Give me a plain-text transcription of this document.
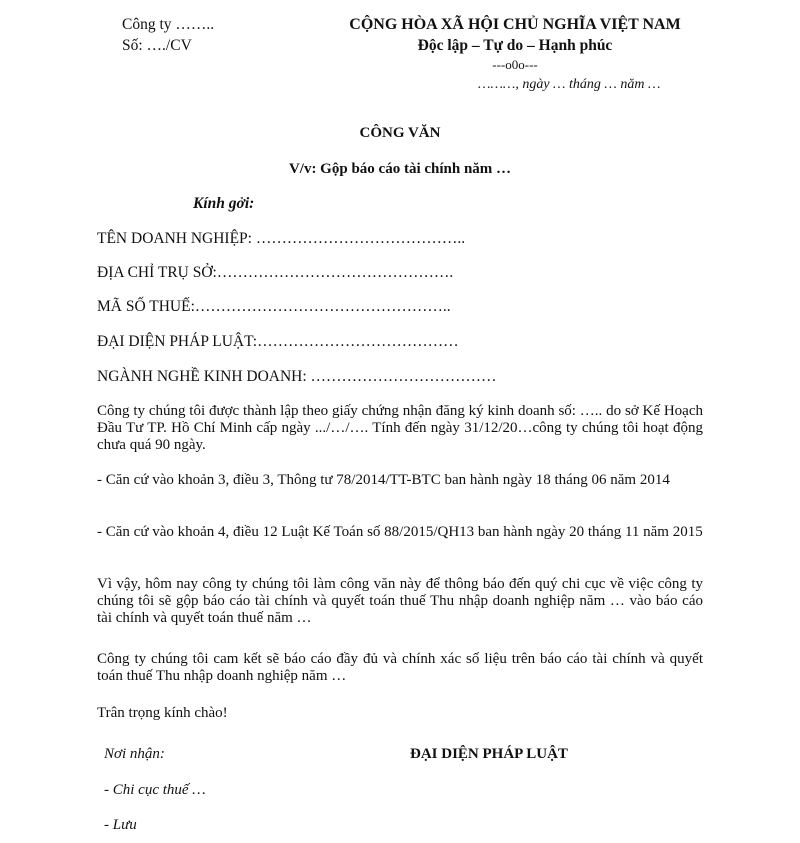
Công ty ……..
Số: …./CV
CỘNG HÒA XÃ HỘI CHỦ NGHĨA VIỆT NAM
Độc lập – Tự do – Hạnh phúc
---o0o---
………, ngày … tháng … năm …
CÔNG VĂN
V/v: Gộp báo cáo tài chính năm …
Kính gởi:
TÊN DOANH NGHIỆP: …………………………………..
ĐỊA CHỈ TRỤ SỞ:……………………………………….
MÃ SỐ THUẾ:…………………………………………..
ĐẠI DIỆN PHÁP LUẬT:…………………………………
NGÀNH NGHỀ KINH DOANH: ………………………………
Công ty chúng tôi được thành lập theo giấy chứng nhận đăng ký kinh doanh số: ….. do sở Kế Hoạch Đầu Tư TP. Hồ Chí Minh cấp ngày .../…/…. Tính đến ngày 31/12/20…công ty chúng tôi hoạt động chưa quá 90 ngày.
- Căn cứ vào khoản 3, điều 3, Thông tư 78/2014/TT-BTC ban hành ngày 18 tháng 06 năm 2014
- Căn cứ vào khoản 4, điều 12 Luật Kế Toán số 88/2015/QH13 ban hành ngày 20 tháng 11 năm 2015
Vì vậy, hôm nay công ty chúng tôi làm công văn này để thông báo đến quý chi cục về việc công ty chúng tôi sẽ gộp báo cáo tài chính và quyết toán thuế Thu nhập doanh nghiệp năm … vào báo cáo tài chính và quyết toán thuế năm …
Công ty chúng tôi cam kết sẽ báo cáo đầy đủ và chính xác số liệu trên báo cáo tài chính và quyết toán thuế Thu nhập doanh nghiệp năm …
Trân trọng kính chào!
Nơi nhận:	ĐẠI DIỆN PHÁP LUẬT
- Chi cục thuế …
- Lưu
